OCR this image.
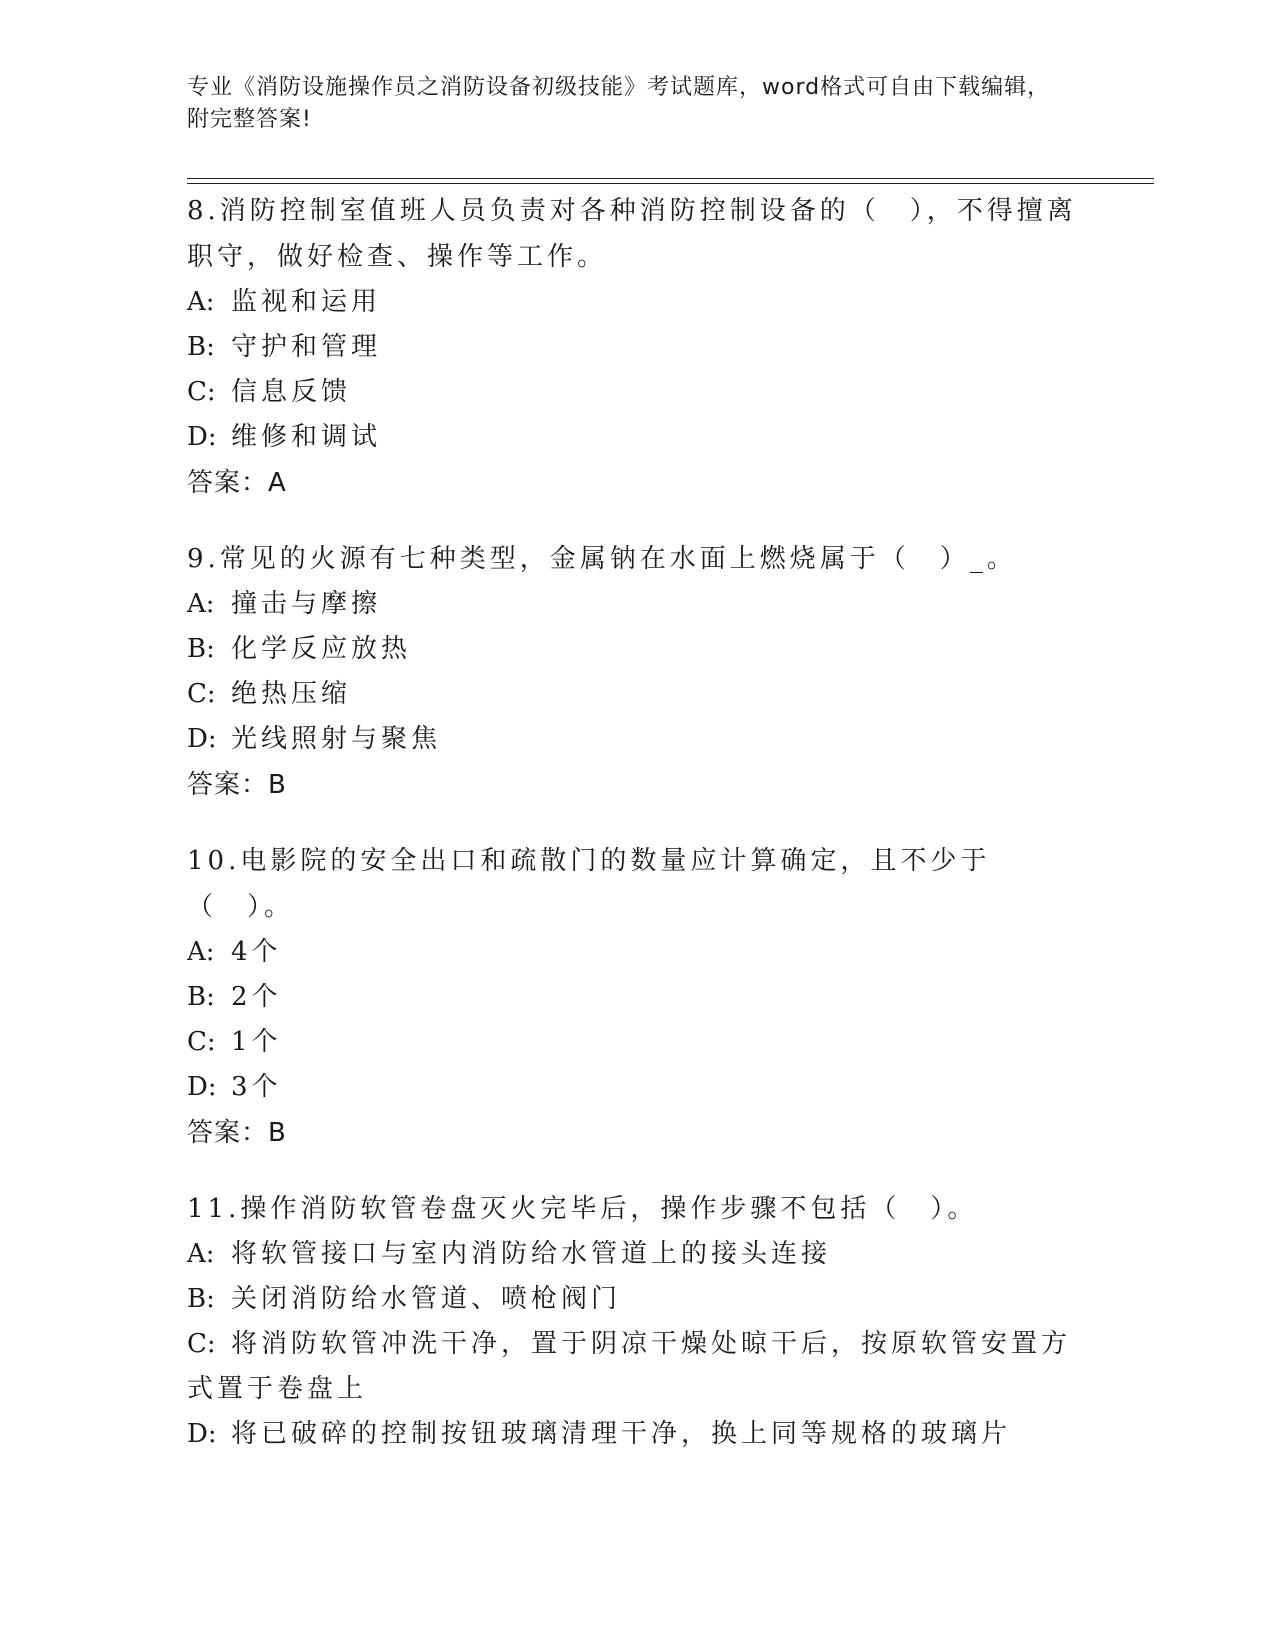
专业《消防设施操作员之消防设备初级技能》考试题库，word格式可自由下载编辑，附完整答案!

8.消防控制室值班人员负责对各种消防控制设备的（　），不得擅离职守，做好检查、操作等工作。

A: 监视和运用
B: 守护和管理
C: 信息反馈
D: 维修和调试
答案：A

9.常见的火源有七种类型，金属钠在水面上燃烧属于（　）_。

A: 撞击与摩擦
B: 化学反应放热
C: 绝热压缩
D: 光线照射与聚焦
答案：B

10.电影院的安全出口和疏散门的数量应计算确定，且不少于（　）。

A: 4个
B: 2个
C: 1个
D: 3个
答案：B

11.操作消防软管卷盘灭火完毕后，操作步骤不包括（　）。

A: 将软管接口与室内消防给水管道上的接头连接
B: 关闭消防给水管道、喷枪阀门
C: 将消防软管冲洗干净，置于阴凉干燥处晾干后，按原软管安置方式置于卷盘上
D: 将已破碎的控制按钮玻璃清理干净，换上同等规格的玻璃片
